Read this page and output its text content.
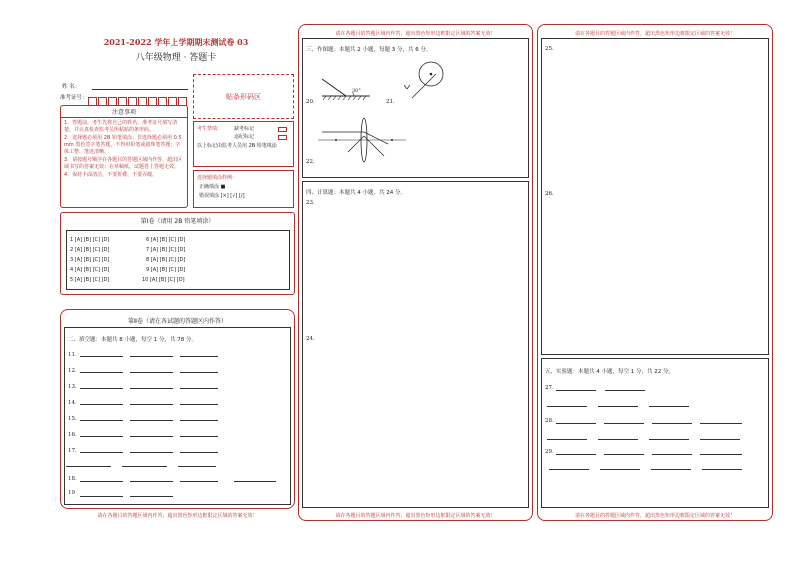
2021-2022 学年上学期期末测试卷 03
八年级物理 · 答题卡
姓 名：
准考证号：
注意事项
1．答题前，考生先将自己的姓名、准考证号填写清楚，并认真检查监考员所粘贴的条形码。
2．选择题必须用 2B 铅笔填涂；非选择题必须用 0.5 mm 黑色签字笔答题，不得用铅笔或圆珠笔答题；字体工整、笔迹清晰。
3．请按题号顺序在各题目的答题区域内作答，超出区域书写的答案无效；在草稿纸、试题卷上答题无效。
4．保持卡面清洁，不要折叠、不要弄破。
贴条形码区
考生禁填： 缺考标记
违纪标记
以上标记由监考人员用 2B 铅笔填涂
选择题填涂样例：
正确填涂 ■
错误填涂 [×] [√] [/]
第Ⅰ卷（请用 2B 铅笔填涂）
1 [A] [B] [C] [D]
2 [A] [B] [C] [D]
3 [A] [B] [C] [D]
4 [A] [B] [C] [D]
5 [A] [B] [C] [D]
6 [A] [B] [C] [D]
7 [A] [B] [C] [D]
8 [A] [B] [C] [D]
9 [A] [B] [C] [D]
10 [A] [B] [C] [D]
第Ⅱ卷（请在各试题的答题区内作答）
二、填空题：本题共 8 小题，每空 1 分，共 78 分。
11．
12．
13．
14．
15．
16．
17．
18．
19
请在各题目的答题区域内作答，超出黑色矩形边框限定区域的答案无效！
请在各题目的答题区域内作答，超出黑色矩形边框限定区域的答案无效！
三、作图题：本题共 2 小题，每题 3 分，共 6 分。
20．
30°
21．
22．
四、计算题：本题共 4 小题，共 24 分。
23．
24．
请在各题目的答题区域内作答，超出黑色矩形边框限定区域的答案无效！
请在各题目的答题区域内作答，超出黑色矩形边框限定区域的答案无效！
25．
26．
五、实验题：本题共 4 小题，每空 1 分，共 22 分。
27．
28．
29．
请在各题目的答题区域内作答，超出黑色矩形边框限定区域的答案无效！
